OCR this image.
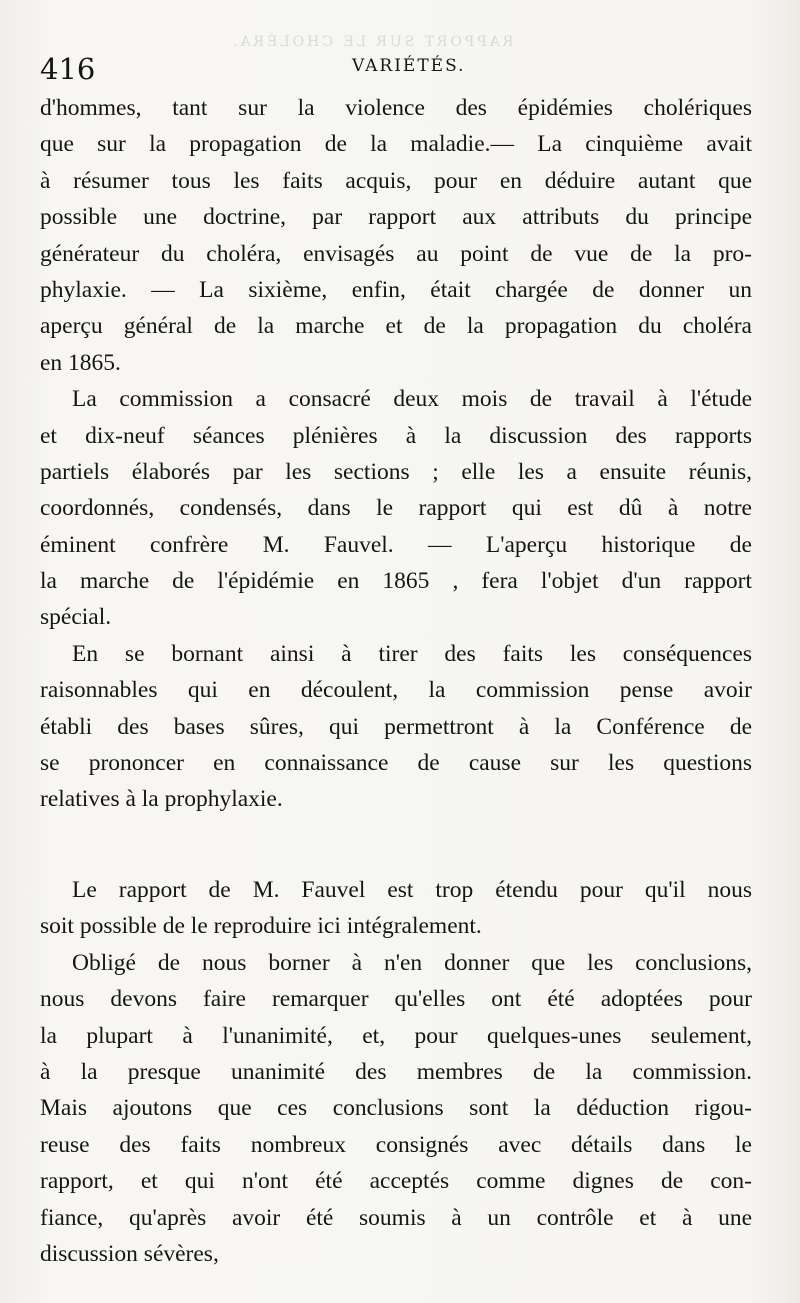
RAPPORT SUR LE CHOLÉRA.
416	VARIÉTÉS.
d'hommes, tant sur la violence des épidémies cholériques
que sur la propagation de la maladie.— La cinquième avait
à résumer tous les faits acquis, pour en déduire autant que
possible une doctrine, par rapport aux attributs du principe
générateur du choléra, envisagés au point de vue de la pro-
phylaxie. — La sixième, enfin, était chargée de donner un
aperçu général de la marche et de la propagation du choléra
en 1865.
La commission a consacré deux mois de travail à l'étude
et dix-neuf séances plénières à la discussion des rapports
partiels élaborés par les sections ; elle les a ensuite réunis,
coordonnés, condensés, dans le rapport qui est dû à notre
éminent confrère M. Fauvel. — L'aperçu historique de
la marche de l'épidémie en 1865 , fera l'objet d'un rapport
spécial.
En se bornant ainsi à tirer des faits les conséquences
raisonnables qui en découlent, la commission pense avoir
établi des bases sûres, qui permettront à la Conférence de
se prononcer en connaissance de cause sur les questions
relatives à la prophylaxie.
Le rapport de M. Fauvel est trop étendu pour qu'il nous
soit possible de le reproduire ici intégralement.
Obligé de nous borner à n'en donner que les conclusions,
nous devons faire remarquer qu'elles ont été adoptées pour
la plupart à l'unanimité, et, pour quelques-unes seulement,
à la presque unanimité des membres de la commission.
Mais ajoutons que ces conclusions sont la déduction rigou-
reuse des faits nombreux consignés avec détails dans le
rapport, et qui n'ont été acceptés comme dignes de con-
fiance, qu'après avoir été soumis à un contrôle et à une
discussion sévères,
